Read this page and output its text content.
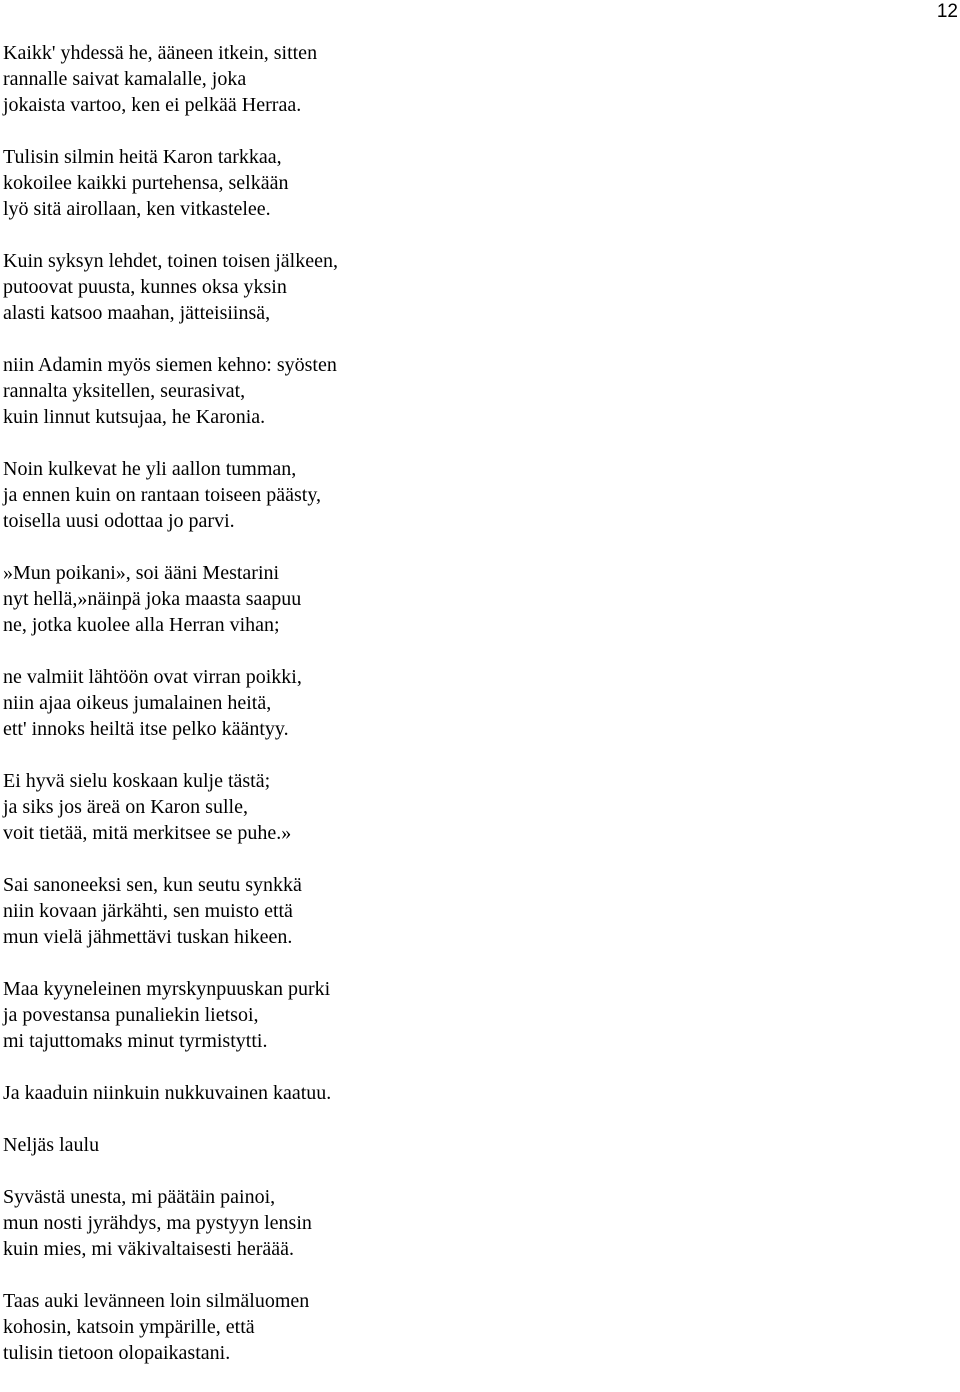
12
Kaikk' yhdessä he, ääneen itkein, sitten
rannalle saivat kamalalle, joka
jokaista vartoo, ken ei pelkää Herraa.
Tulisin silmin heitä Karon tarkkaa,
kokoilee kaikki purtehensa, selkään
lyö sitä airollaan, ken vitkastelee.
Kuin syksyn lehdet, toinen toisen jälkeen,
putoovat puusta, kunnes oksa yksin
alasti katsoo maahan, jätteisiinsä,
niin Adamin myös siemen kehno: syösten
rannalta yksitellen, seurasivat,
kuin linnut kutsujaa, he Karonia.
Noin kulkevat he yli aallon tumman,
ja ennen kuin on rantaan toiseen päästy,
toisella uusi odottaa jo parvi.
»Mun poikani», soi ääni Mestarini
nyt hellä,»näinpä joka maasta saapuu
ne, jotka kuolee alla Herran vihan;
ne valmiit lähtöön ovat virran poikki,
niin ajaa oikeus jumalainen heitä,
ett' innoks heiltä itse pelko kääntyy.
Ei hyvä sielu koskaan kulje tästä;
ja siks jos äreä on Karon sulle,
voit tietää, mitä merkitsee se puhe.»
Sai sanoneeksi sen, kun seutu synkkä
niin kovaan järkähti, sen muisto että
mun vielä jähmettävi tuskan hikeen.
Maa kyyneleinen myrskynpuuskan purki
ja povestansa punaliekin lietsoi,
mi tajuttomaks minut tyrmistytti.
Ja kaaduin niinkuin nukkuvainen kaatuu.
Neljäs laulu
Syvästä unesta, mi päätäin painoi,
mun nosti jyrähdys, ma pystyyn lensin
kuin mies, mi väkivaltaisesti heräää.
Taas auki levänneen loin silmäluomen
kohosin, katsoin ympärille, että
tulisin tietoon olopaikastani.
